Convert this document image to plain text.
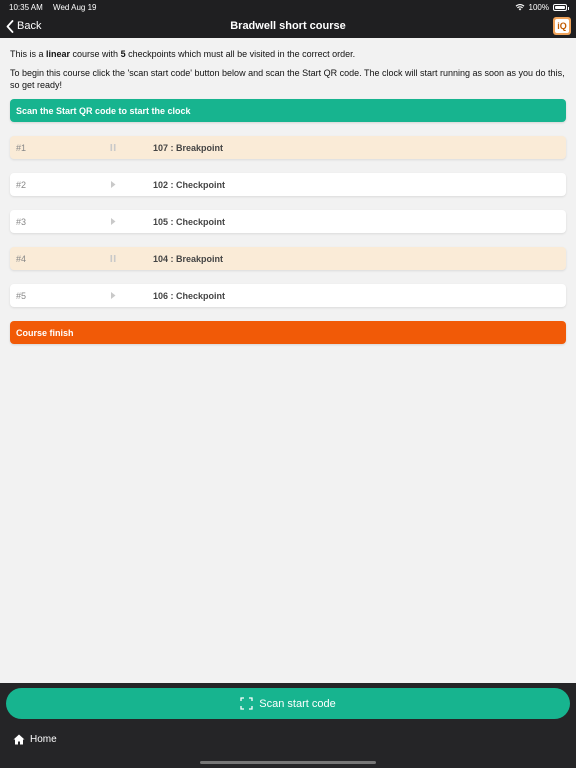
10:35 AM Wed Aug 19	100%
Back	Bradwell short course	iQ

This is a linear course with 5 checkpoints which must all be visited in the correct order.

To begin this course click the 'scan start code' button below and scan the Start QR code. The clock will start running as soon as you do this, so get ready!

Scan the Start QR code to start the clock
#1	107 : Breakpoint
#2	102 : Checkpoint
#3	105 : Checkpoint
#4	104 : Breakpoint
#5	106 : Checkpoint
Course finish
Scan start code
Home
